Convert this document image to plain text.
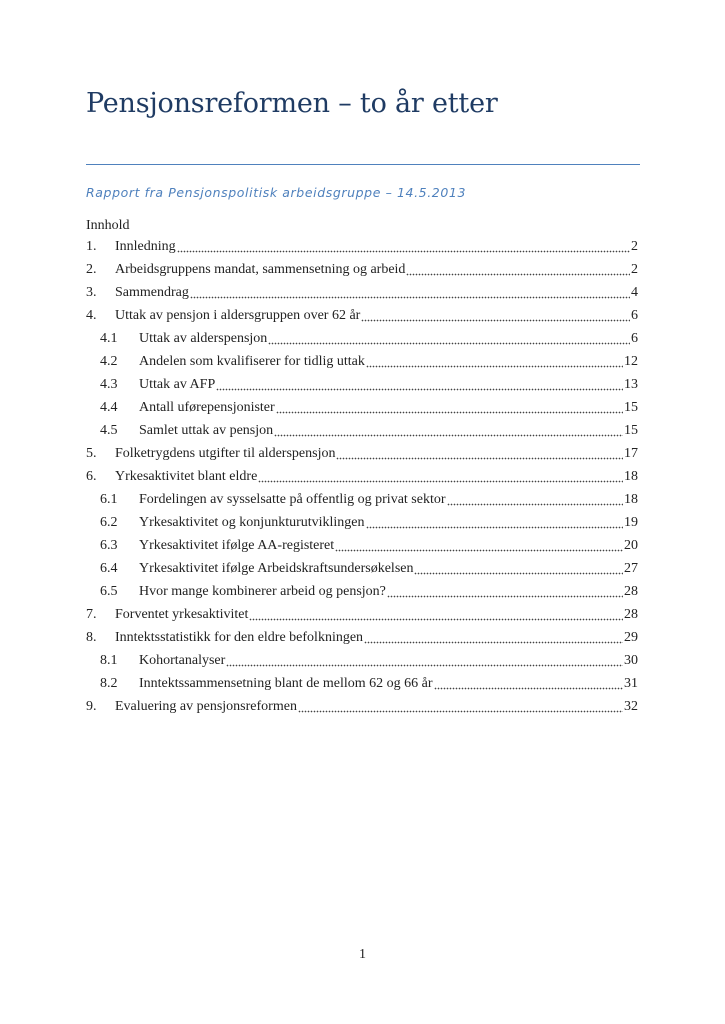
Pensjonsreformen – to år etter
Rapport fra Pensjonspolitisk arbeidsgruppe – 14.5.2013
Innhold
1.	Innledning	2
2.	Arbeidsgruppens mandat, sammensetning og arbeid	2
3.	Sammendrag	4
4.	Uttak av pensjon i aldersgruppen over 62 år	6
4.1	Uttak av alderspensjon	6
4.2	Andelen som kvalifiserer for tidlig uttak	12
4.3	Uttak av AFP	13
4.4	Antall uførepensjonister	15
4.5	Samlet uttak av pensjon	15
5.	Folketrygdens utgifter til alderspensjon	17
6.	Yrkesaktivitet blant eldre	18
6.1	Fordelingen av sysselsatte på offentlig og privat sektor	18
6.2	Yrkesaktivitet og konjunkturutviklingen	19
6.3	Yrkesaktivitet ifølge AA-registeret	20
6.4	Yrkesaktivitet ifølge Arbeidskraftsundersøkelsen	27
6.5	Hvor mange kombinerer arbeid og pensjon?	28
7.	Forventet yrkesaktivitet	28
8.	Inntektsstatistikk for den eldre befolkningen	29
8.1	Kohortanalyser	30
8.2	Inntektssammensetning blant de mellom 62 og 66 år	31
9.	Evaluering av pensjonsreformen	32
1
